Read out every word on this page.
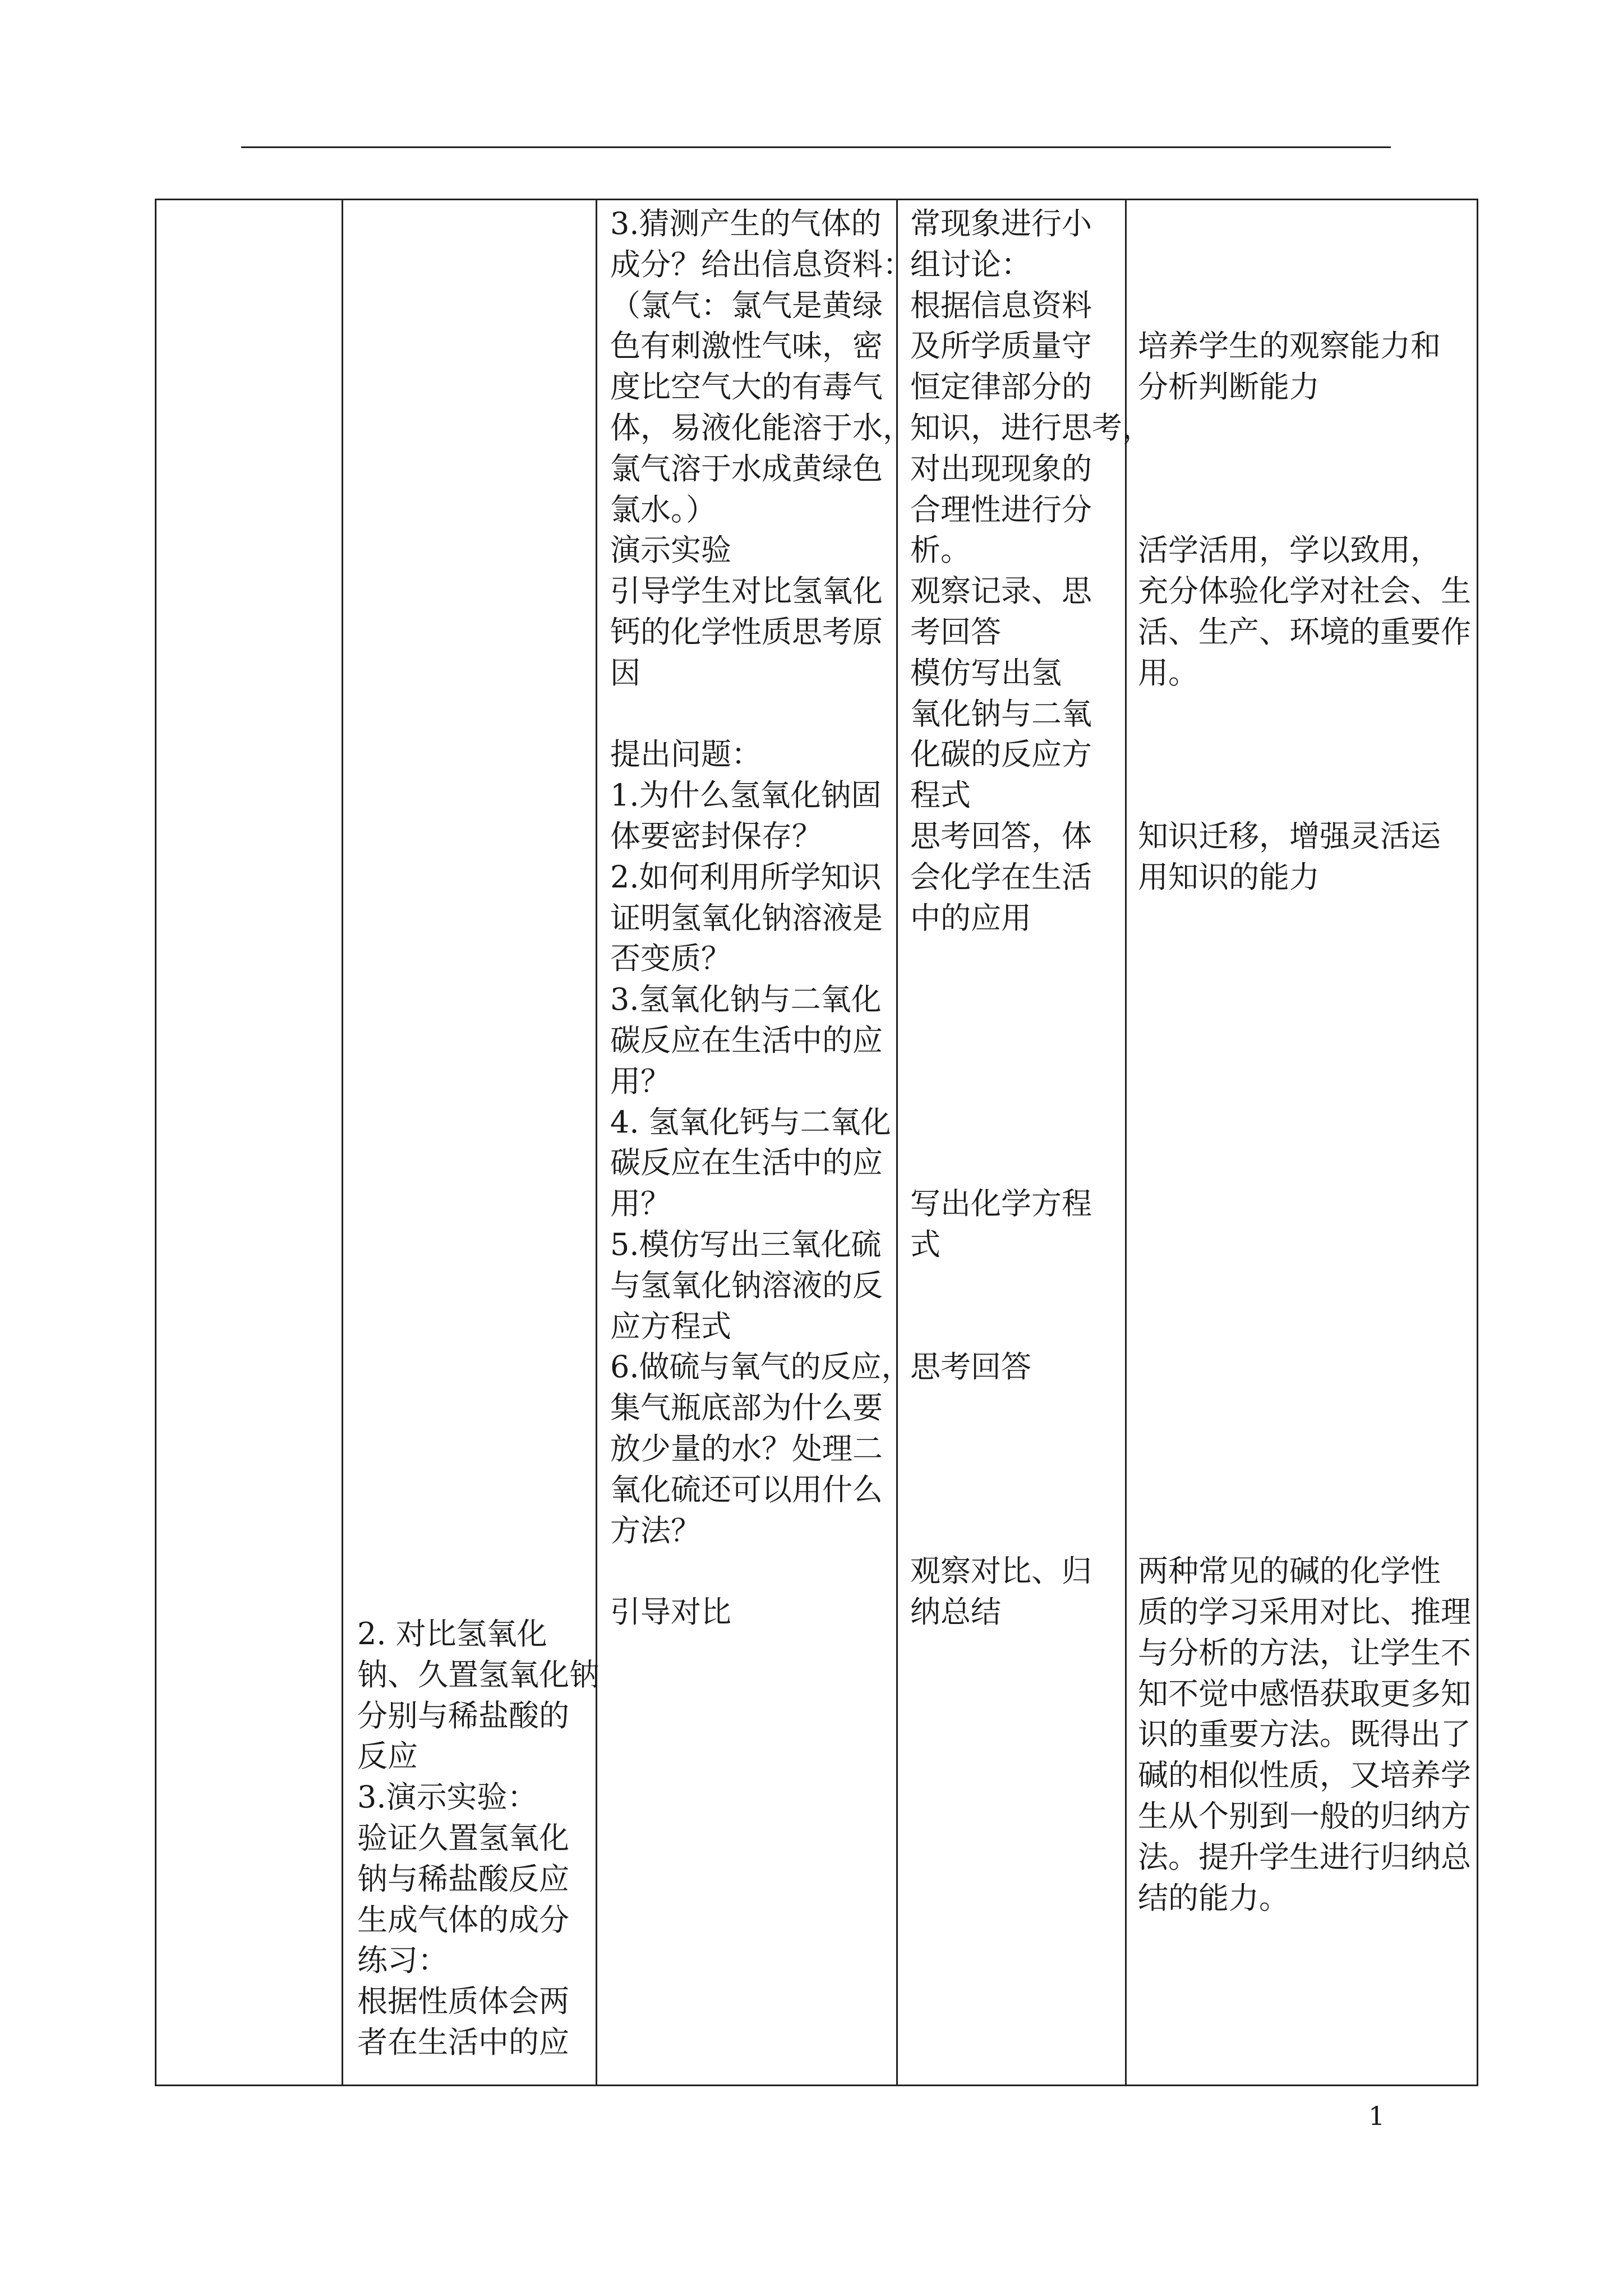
2. 对比氢氧化
钠、久置氢氧化钠
分别与稀盐酸的
反应
3.演示实验：
验证久置氢氧化
钠与稀盐酸反应
生成气体的成分
练习：
根据性质体会两
者在生活中的应
3.猜测产生的气体的
成分？给出信息资料：
（氯气：氯气是黄绿
色有刺激性气味，密
度比空气大的有毒气
体，易液化能溶于水，
氯气溶于水成黄绿色
氯水。）
演示实验
引导学生对比氢氧化
钙的化学性质思考原
因
提出问题：
1.为什么氢氧化钠固
体要密封保存？
2.如何利用所学知识
证明氢氧化钠溶液是
否变质？
3.氢氧化钠与二氧化
碳反应在生活中的应
用？
4. 氢氧化钙与二氧化
碳反应在生活中的应
用？
5.模仿写出三氧化硫
与氢氧化钠溶液的反
应方程式
6.做硫与氧气的反应，
集气瓶底部为什么要
放少量的水？处理二
氧化硫还可以用什么
方法？
引导对比
常现象进行小
组讨论：
根据信息资料
及所学质量守
恒定律部分的
知识，进行思考，
对出现现象的
合理性进行分
析。
观察记录、思
考回答
模仿写出氢
氧化钠与二氧
化碳的反应方
程式
思考回答，体
会化学在生活
中的应用
写出化学方程
式
思考回答
观察对比、归
纳总结
培养学生的观察能力和
分析判断能力
活学活用，学以致用，
充分体验化学对社会、生
活、生产、环境的重要作
用。
知识迁移，增强灵活运
用知识的能力
两种常见的碱的化学性
质的学习采用对比、推理
与分析的方法，让学生不
知不觉中感悟获取更多知
识的重要方法。既得出了
碱的相似性质，又培养学
生从个别到一般的归纳方
法。提升学生进行归纳总
结的能力。
1
